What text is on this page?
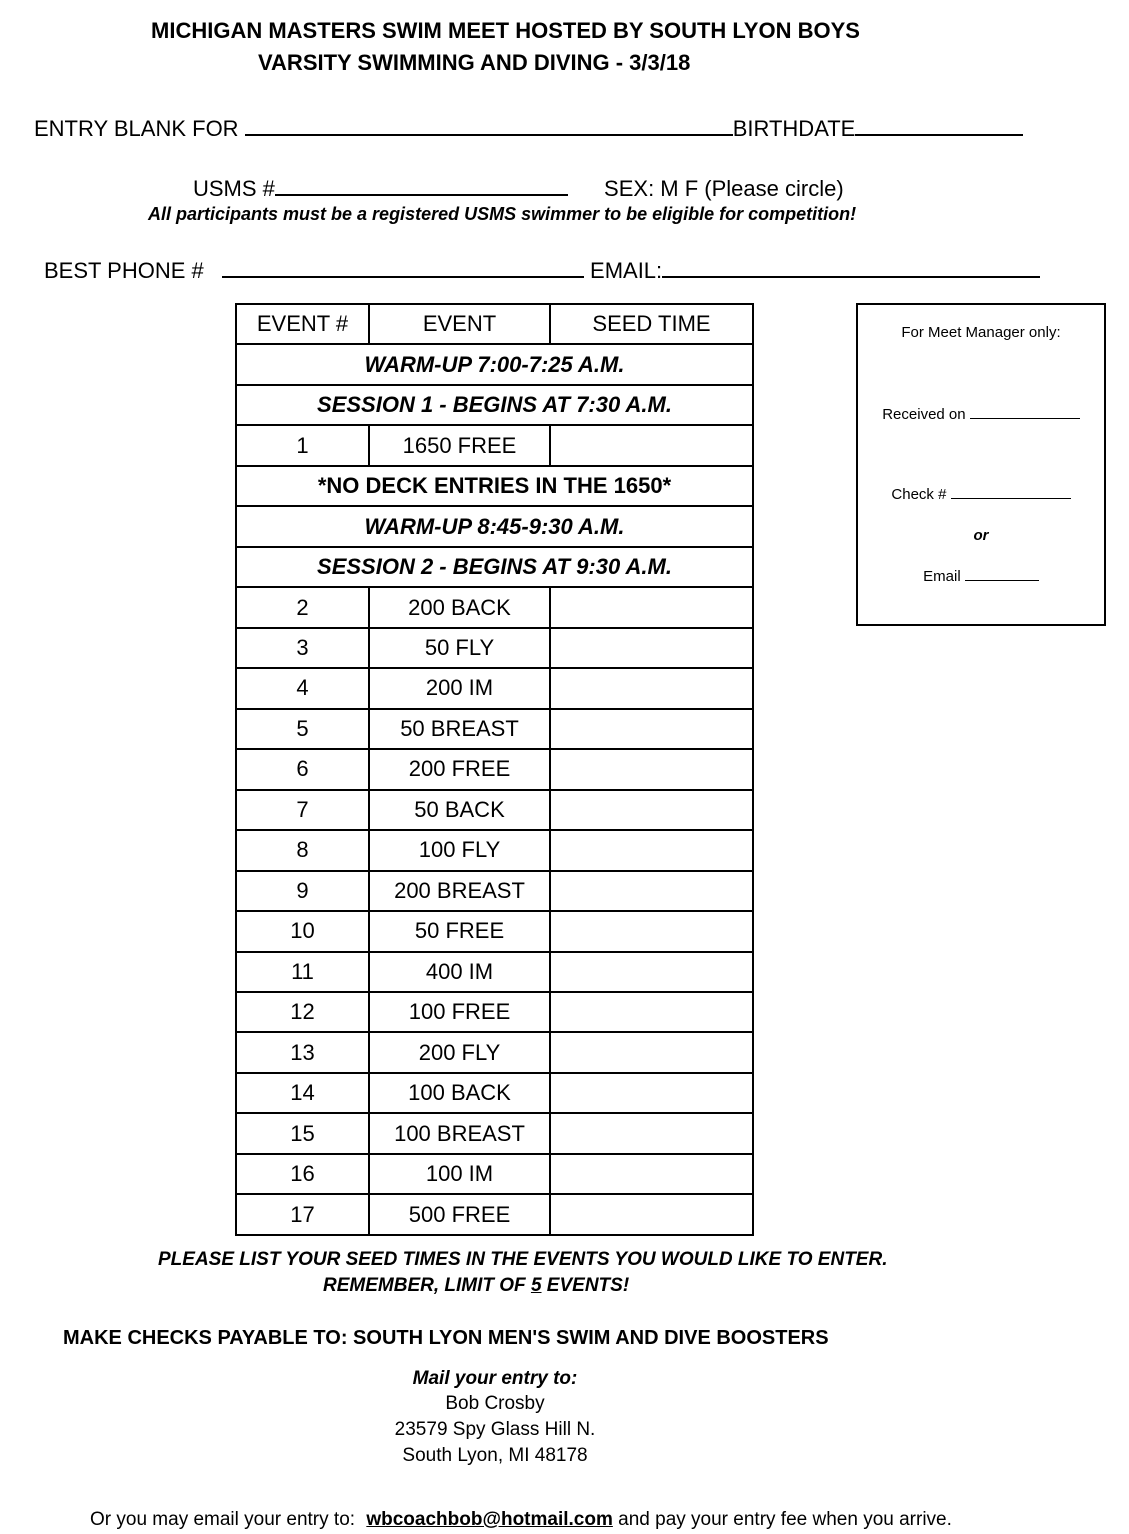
MICHIGAN MASTERS SWIM MEET HOSTED BY SOUTH LYON BOYS
VARSITY SWIMMING AND DIVING - 3/3/18
ENTRY BLANK FOR	BIRTHDATE
USMS #	SEX: M F (Please circle)
All participants must be a registered USMS swimmer to be eligible for competition!
BEST PHONE #	EMAIL:
EVENT #	EVENT	SEED TIME
WARM-UP 7:00-7:25 A.M.		
SESSION 1 - BEGINS AT 7:30 A.M.		
1	1650 FREE	
*NO DECK ENTRIES IN THE 1650*		
WARM-UP 8:45-9:30 A.M.		
SESSION 2 - BEGINS AT 9:30 A.M.		
2	200 BACK	
3	50 FLY	
4	200 IM	
5	50 BREAST	
6	200 FREE	
7	50 BACK	
8	100 FLY	
9	200 BREAST	
10	50 FREE	
11	400 IM	
12	100 FREE	
13	200 FLY	
14	100 BACK	
15	100 BREAST	
16	100 IM	
17	500 FREE	
For Meet Manager only:
Received on
Check #
or
Email
PLEASE LIST YOUR SEED TIMES IN THE EVENTS YOU WOULD LIKE TO ENTER.
REMEMBER, LIMIT OF 5 EVENTS!
MAKE CHECKS PAYABLE TO: SOUTH LYON MEN'S SWIM AND DIVE BOOSTERS
Mail your entry to:
Bob Crosby
23579 Spy Glass Hill N.
South Lyon, MI 48178
Or you may email your entry to: wbcoachbob@hotmail.com and pay your entry fee when you arrive.
